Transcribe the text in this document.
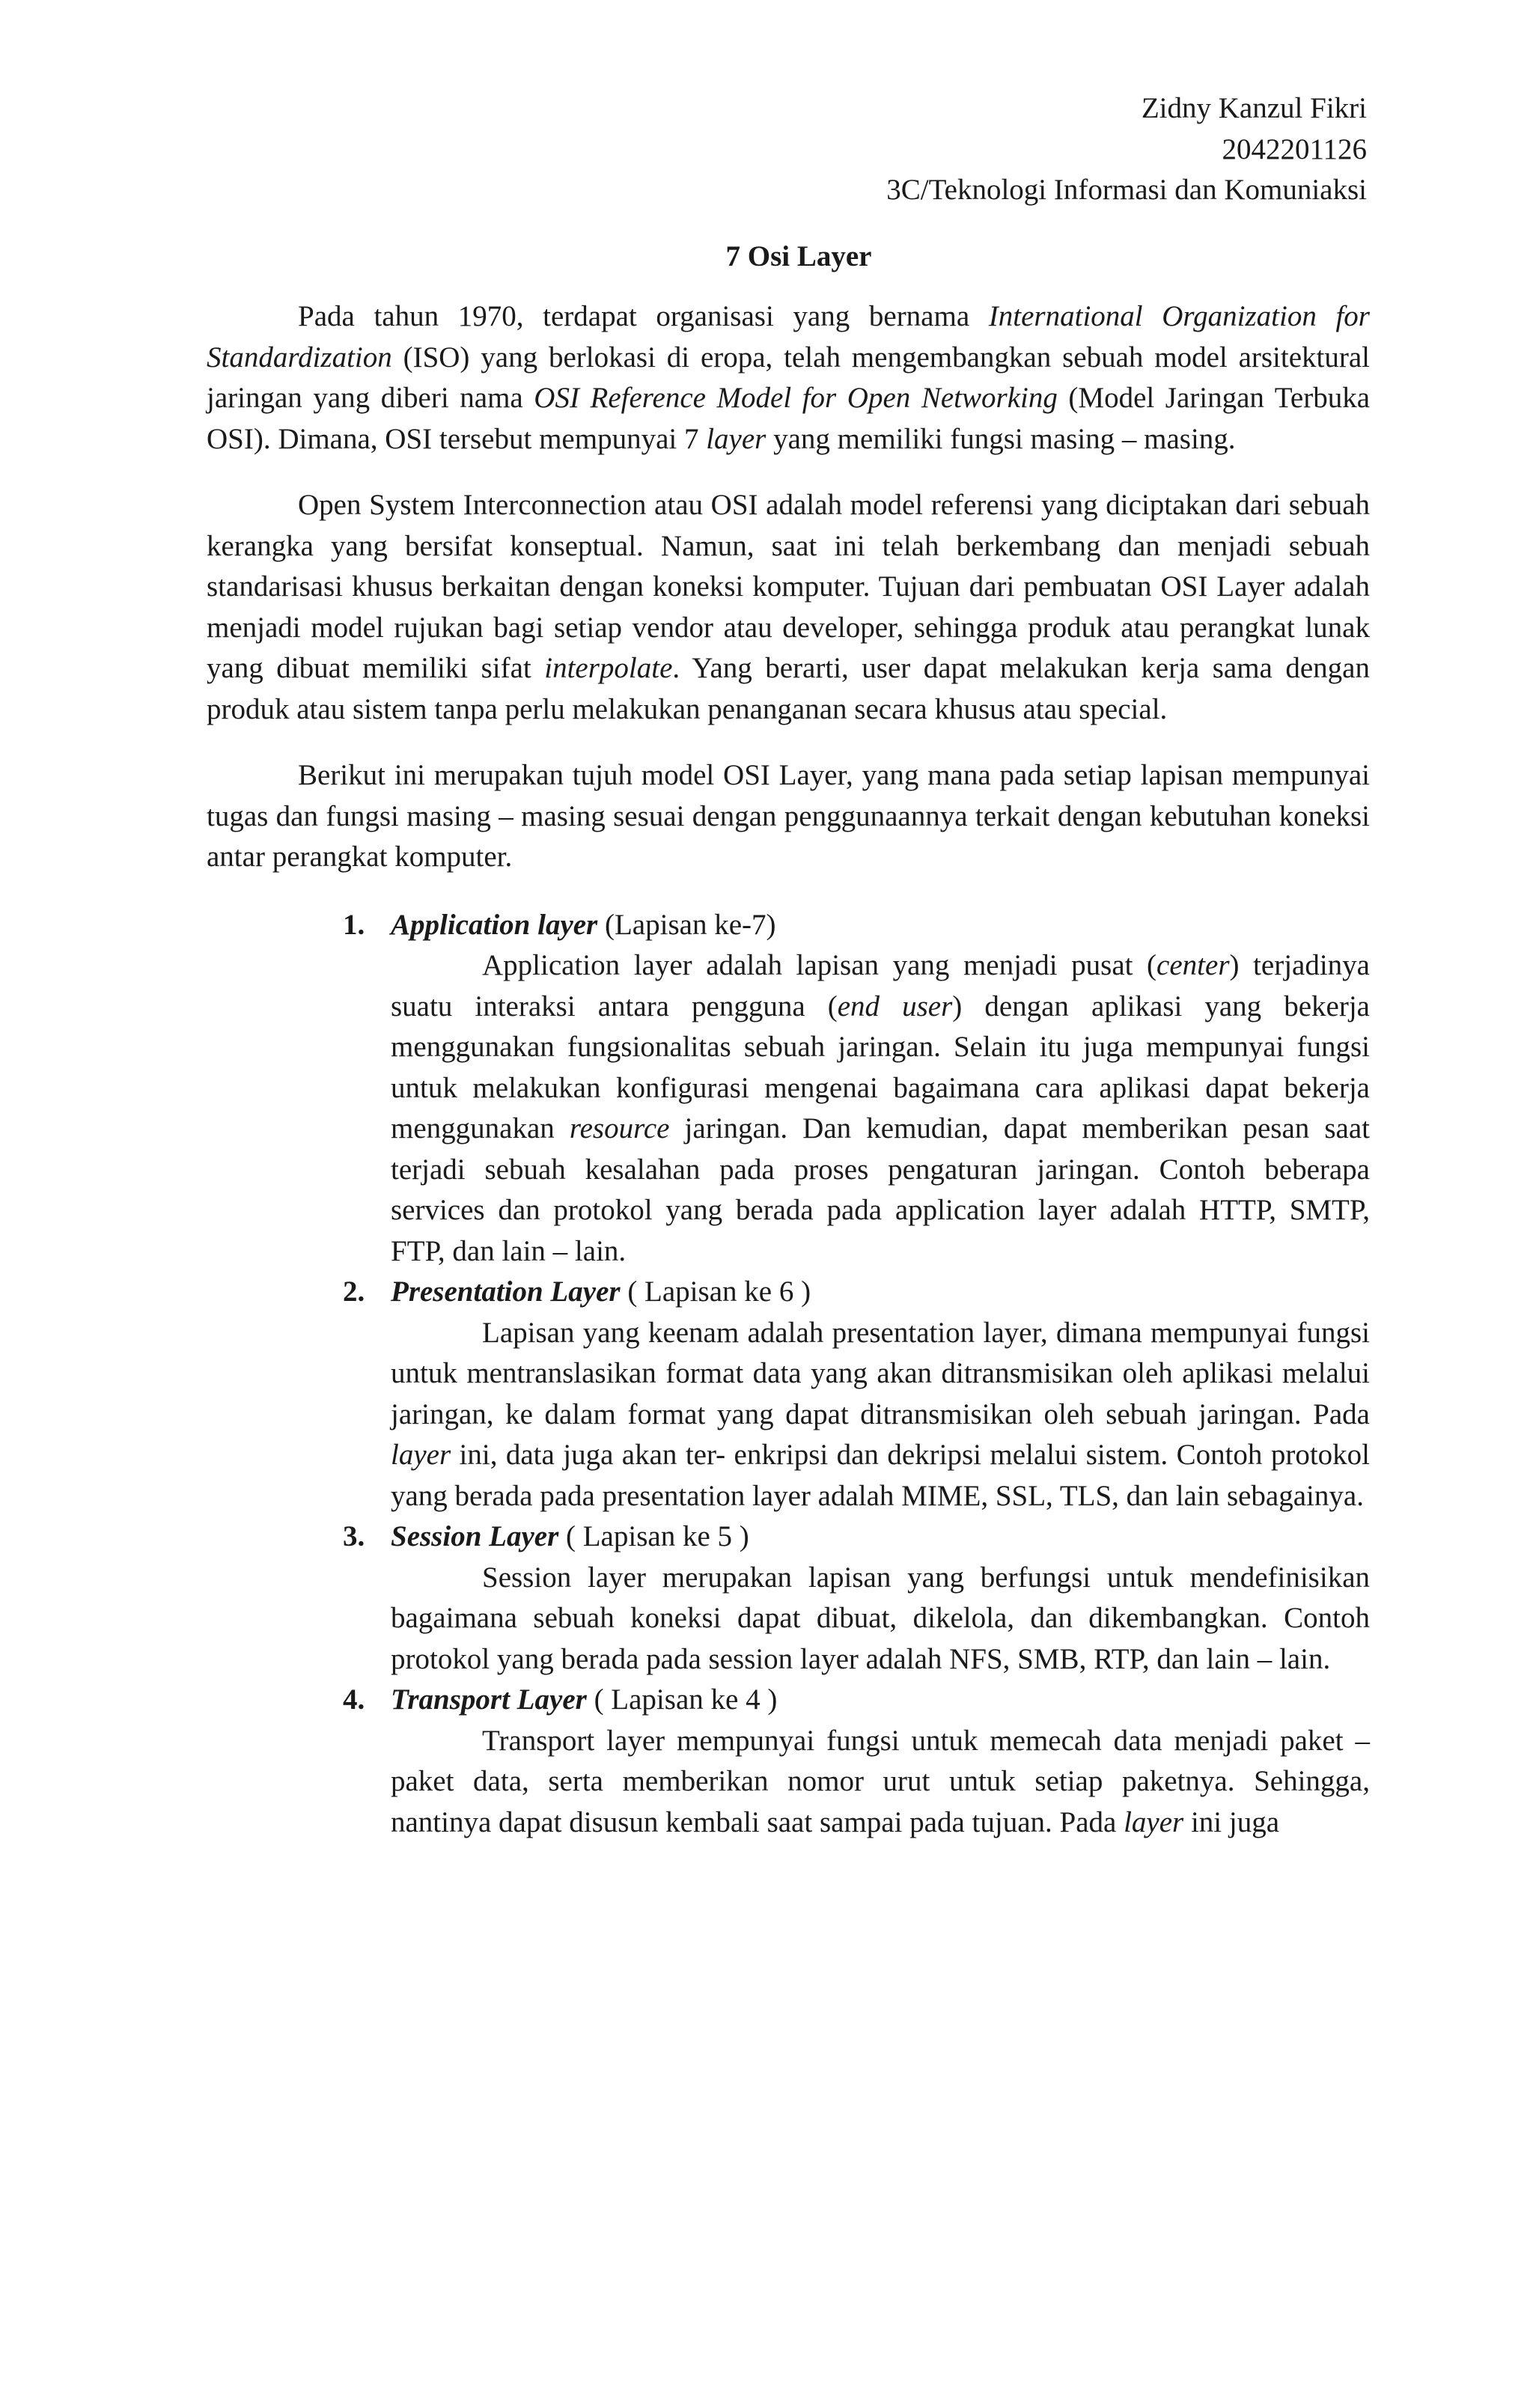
Zidny Kanzul Fikri
2042201126
3C/Teknologi Informasi dan Komuniaksi
7 Osi Layer

Pada tahun 1970, terdapat organisasi yang bernama International Organization for Standardization (ISO) yang berlokasi di eropa, telah mengembangkan sebuah model arsitektural jaringan yang diberi nama OSI Reference Model for Open Networking (Model Jaringan Terbuka OSI). Dimana, OSI tersebut mempunyai 7 layer yang memiliki fungsi masing – masing.

Open System Interconnection atau OSI adalah model referensi yang diciptakan dari sebuah kerangka yang bersifat konseptual. Namun, saat ini telah berkembang dan menjadi sebuah standarisasi khusus berkaitan dengan koneksi komputer. Tujuan dari pembuatan OSI Layer adalah menjadi model rujukan bagi setiap vendor atau developer, sehingga produk atau perangkat lunak yang dibuat memiliki sifat interpolate. Yang berarti, user dapat melakukan kerja sama dengan produk atau sistem tanpa perlu melakukan penanganan secara khusus atau special.

Berikut ini merupakan tujuh model OSI Layer, yang mana pada setiap lapisan mempunyai tugas dan fungsi masing – masing sesuai dengan penggunaannya terkait dengan kebutuhan koneksi antar perangkat komputer.

1. Application layer (Lapisan ke-7)

Application layer adalah lapisan yang menjadi pusat (center) terjadinya suatu interaksi antara pengguna (end user) dengan aplikasi yang bekerja menggunakan fungsionalitas sebuah jaringan. Selain itu juga mempunyai fungsi untuk melakukan konfigurasi mengenai bagaimana cara aplikasi dapat bekerja menggunakan resource jaringan. Dan kemudian, dapat memberikan pesan saat terjadi sebuah kesalahan pada proses pengaturan jaringan. Contoh beberapa services dan protokol yang berada pada application layer adalah HTTP, SMTP, FTP, dan lain – lain.

2. Presentation Layer ( Lapisan ke 6 )

Lapisan yang keenam adalah presentation layer, dimana mempunyai fungsi untuk mentranslasikan format data yang akan ditransmisikan oleh aplikasi melalui jaringan, ke dalam format yang dapat ditransmisikan oleh sebuah jaringan. Pada layer ini, data juga akan ter- enkripsi dan dekripsi melalui sistem. Contoh protokol yang berada pada presentation layer adalah MIME, SSL, TLS, dan lain sebagainya.

3. Session Layer ( Lapisan ke 5 )

Session layer merupakan lapisan yang berfungsi untuk mendefinisikan bagaimana sebuah koneksi dapat dibuat, dikelola, dan dikembangkan. Contoh protokol yang berada pada session layer adalah NFS, SMB, RTP, dan lain – lain.

4. Transport Layer ( Lapisan ke 4 )

Transport layer mempunyai fungsi untuk memecah data menjadi paket – paket data, serta memberikan nomor urut untuk setiap paketnya. Sehingga, nantinya dapat disusun kembali saat sampai pada tujuan. Pada layer ini juga
